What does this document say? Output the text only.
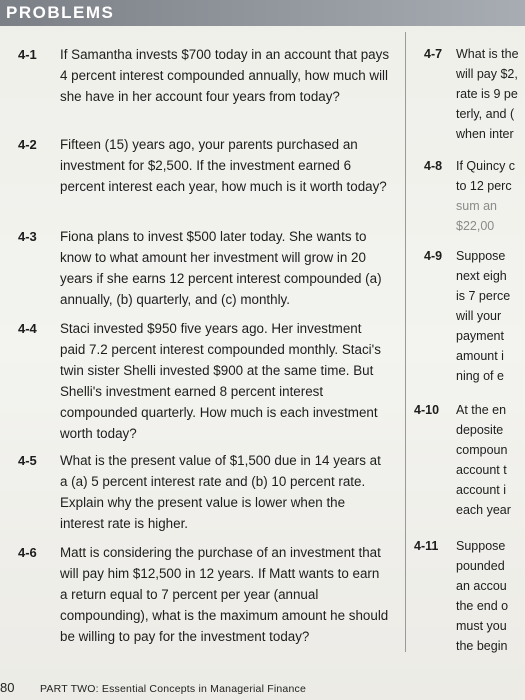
PROBLEMS
4-1 If Samantha invests $700 today in an account that pays 4 percent interest compounded annually, how much will she have in her account four years from today?
4-2 Fifteen (15) years ago, your parents purchased an investment for $2,500. If the investment earned 6 percent interest each year, how much is it worth today?
4-3 Fiona plans to invest $500 later today. She wants to know to what amount her investment will grow in 20 years if she earns 12 percent interest compounded (a) annually, (b) quarterly, and (c) monthly.
4-4 Staci invested $950 five years ago. Her investment paid 7.2 percent interest compounded monthly. Staci's twin sister Shelli invested $900 at the same time. But Shelli's investment earned 8 percent interest compounded quarterly. How much is each investment worth today?
4-5 What is the present value of $1,500 due in 14 years at a (a) 5 percent interest rate and (b) 10 percent rate. Explain why the present value is lower when the interest rate is higher.
4-6 Matt is considering the purchase of an investment that will pay him $12,500 in 12 years. If Matt wants to earn a return equal to 7 percent per year (annual compounding), what is the maximum amount he should be willing to pay for the investment today?
4-7 What is the
will pay $2,
rate is 9 pe
terly, and (
when inter
4-8 If Quincy c
to 12 perc
sum an
$22,00
4-9 Suppose
next eigh
is 7 perce
will your
payment
amount i
ning of e
4-10 At the en
deposite
compoun
account t
account i
each year
4-11 Suppose
pounded
an accou
the end o
must you
the begin
80 PART TWO: Essential Concepts in Managerial Finance
